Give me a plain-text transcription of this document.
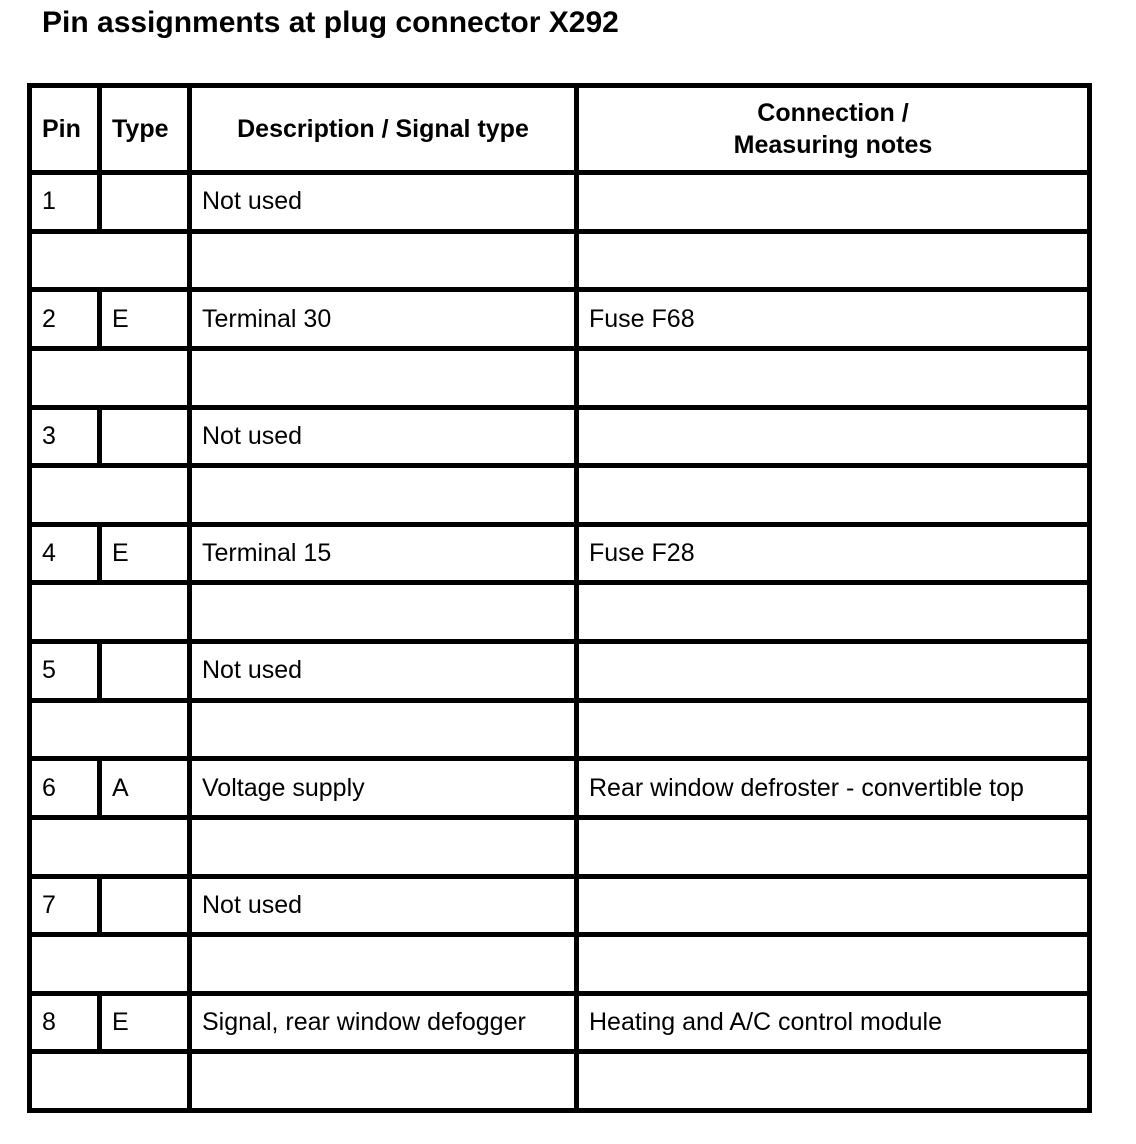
Pin assignments at plug connector X292
Pin	Type	Description / Signal type	Connection /
Measuring notes

1		Not used	

2	E	Terminal 30	Fuse F68

3		Not used	

4	E	Terminal 15	Fuse F28

5		Not used	

6	A	Voltage supply	Rear window defroster - convertible top

7		Not used	

8	E	Signal, rear window defogger	Heating and A/C control module
